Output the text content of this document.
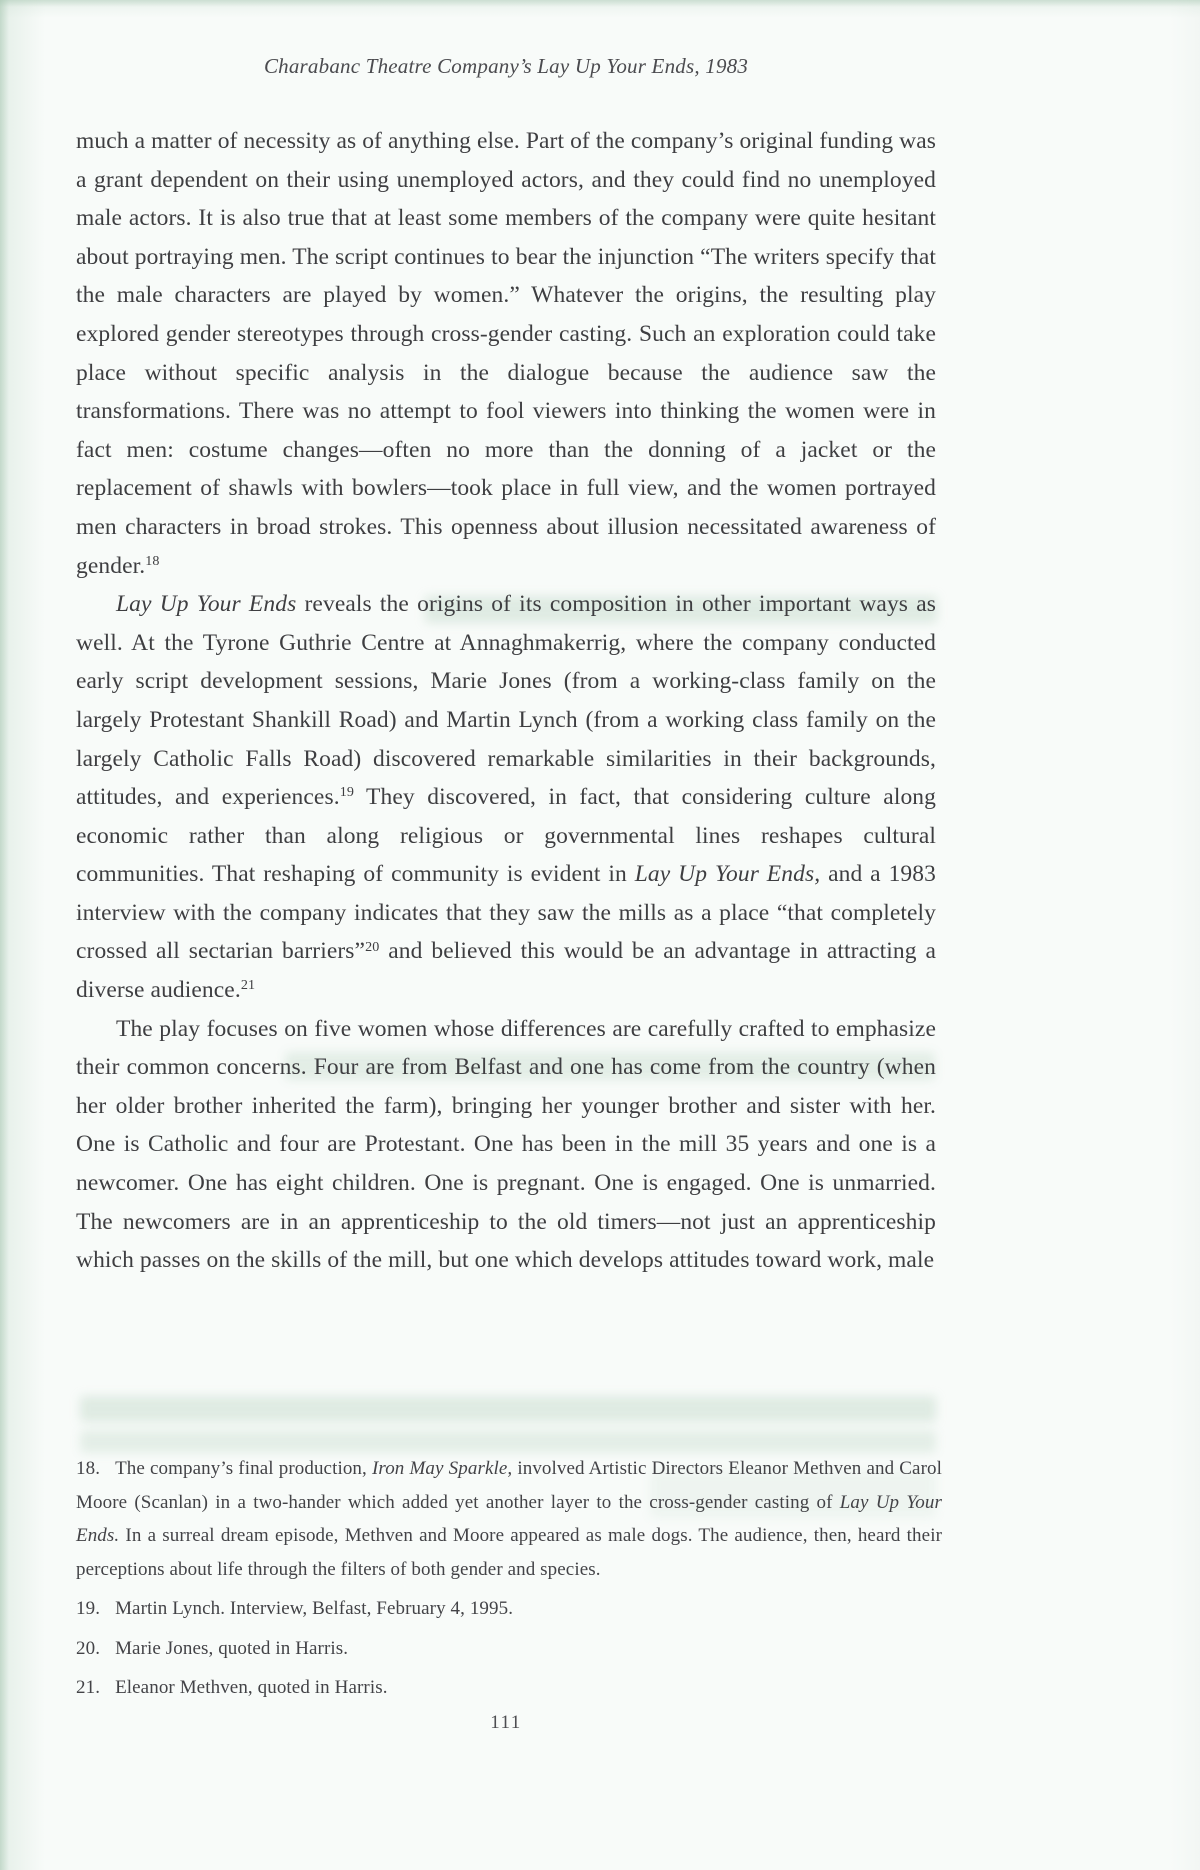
Charabanc Theatre Company’s Lay Up Your Ends, 1983

much a matter of necessity as of anything else. Part of the company’s original funding was a grant dependent on their using unemployed actors, and they could find no unemployed male actors. It is also true that at least some members of the company were quite hesitant about portraying men. The script continues to bear the injunction “The writers specify that the male characters are played by women.” Whatever the origins, the resulting play explored gender stereotypes through cross-gender casting. Such an exploration could take place without specific analysis in the dialogue because the audience saw the transformations. There was no attempt to fool viewers into thinking the women were in fact men: costume changes—often no more than the donning of a jacket or the replacement of shawls with bowlers—took place in full view, and the women portrayed men characters in broad strokes. This openness about illusion necessitated awareness of gender.$^{18}$

Lay Up Your Ends reveals the origins of its composition in other important ways as well. At the Tyrone Guthrie Centre at Annaghmakerrig, where the company conducted early script development sessions, Marie Jones (from a working-class family on the largely Protestant Shankill Road) and Martin Lynch (from a working class family on the largely Catholic Falls Road) discovered remarkable similarities in their backgrounds, attitudes, and experiences.$^{19}$ They discovered, in fact, that considering culture along economic rather than along religious or governmental lines reshapes cultural communities. That reshaping of community is evident in Lay Up Your Ends, and a 1983 interview with the company indicates that they saw the mills as a place “that completely crossed all sectarian barriers”$^{20}$ and believed this would be an advantage in attracting a diverse audience.$^{21}$

The play focuses on five women whose differences are carefully crafted to emphasize their common concerns. Four are from Belfast and one has come from the country (when her older brother inherited the farm), bringing her younger brother and sister with her. One is Catholic and four are Protestant. One has been in the mill 35 years and one is a newcomer. One has eight children. One is pregnant. One is engaged. One is unmarried. The newcomers are in an apprenticeship to the old timers—not just an apprenticeship which passes on the skills of the mill, but one which develops attitudes toward work, male

18. The company’s final production, Iron May Sparkle, involved Artistic Directors Eleanor Methven and Carol Moore (Scanlan) in a two-hander which added yet another layer to the cross-gender casting of Lay Up Your Ends. In a surreal dream episode, Methven and Moore appeared as male dogs. The audience, then, heard their perceptions about life through the filters of both gender and species.

19. Martin Lynch. Interview, Belfast, February 4, 1995.

20. Marie Jones, quoted in Harris.

21. Eleanor Methven, quoted in Harris.

111
